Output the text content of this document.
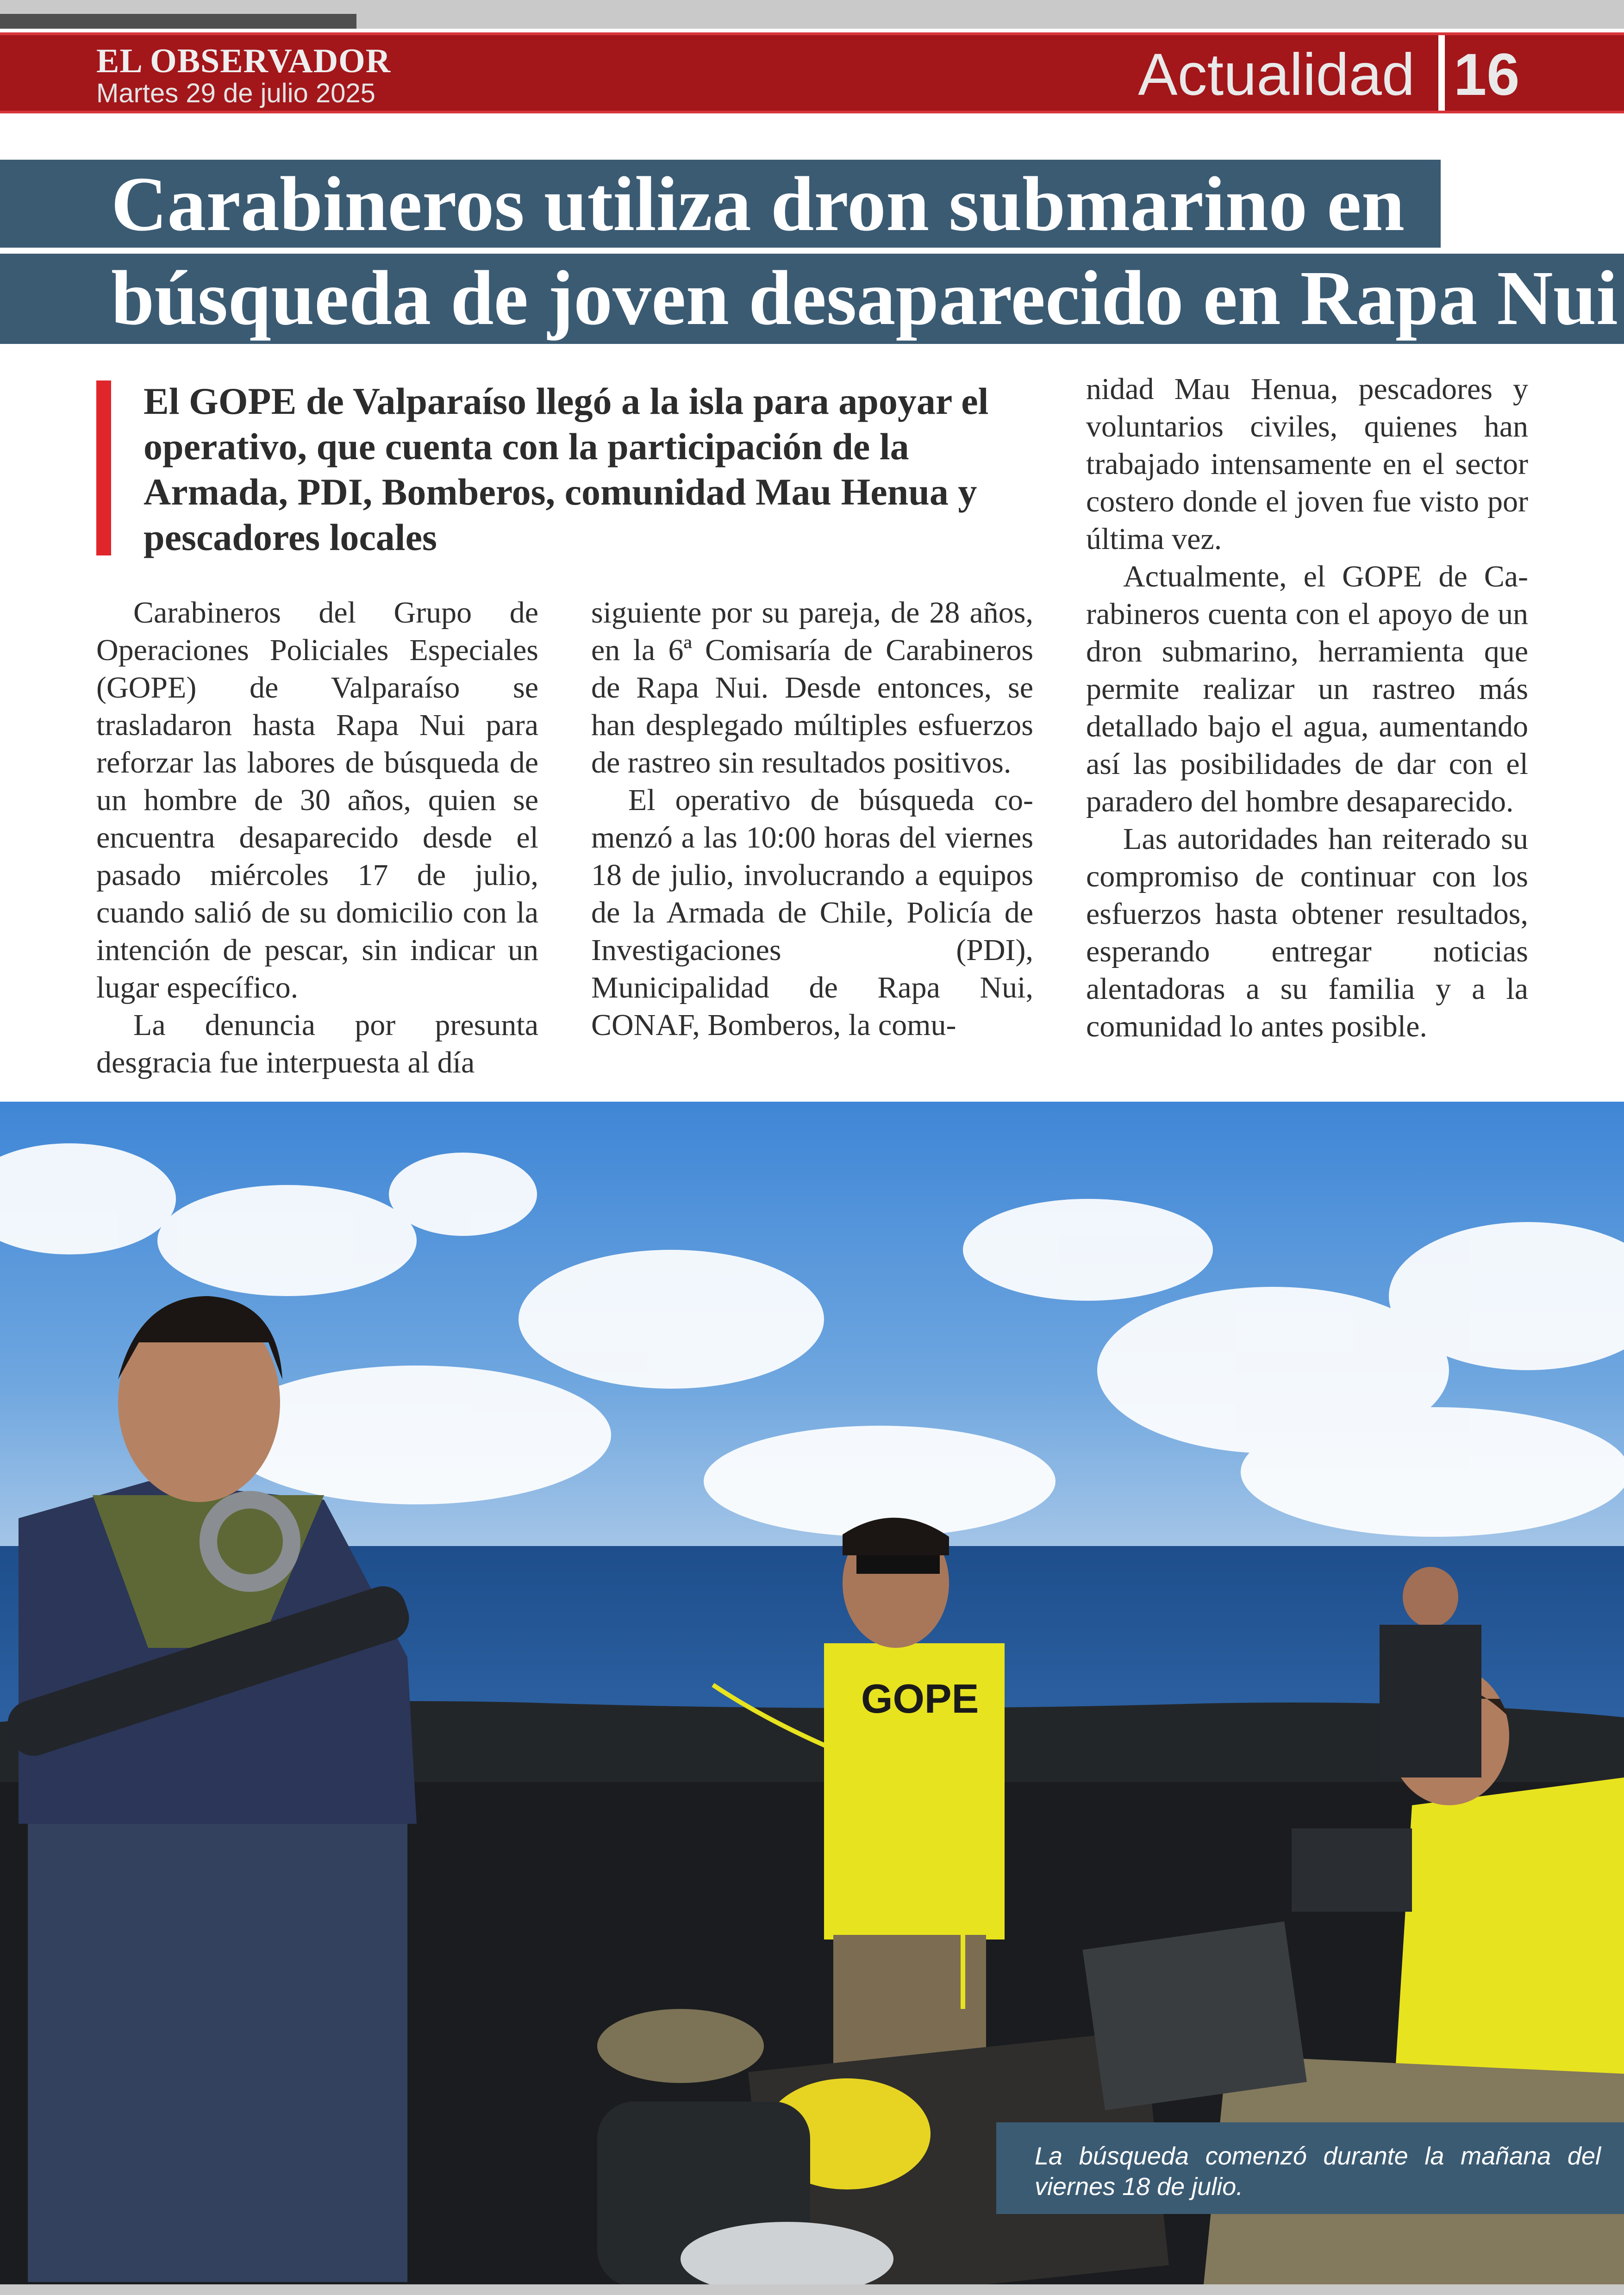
EL OBSERVADOR
Martes 29 de julio 2025	Actualidad 16
Carabineros utiliza dron submarino en
búsqueda de joven desaparecido en Rapa Nui
El GOPE de Valparaíso llegó a la isla para apoyar el operativo, que cuenta con la participación de la Armada, PDI, Bomberos, comunidad Mau Henua y pescadores locales

Carabineros del Grupo de Operaciones Policiales Especiales (GOPE) de Valparaíso se trasladaron hasta Rapa Nui para reforzar las labores de búsqueda de un hombre de 30 años, quien se encuentra desaparecido desde el pasado miércoles 17 de julio, cuando salió de su domicilio con la intención de pescar, sin indicar un lugar específico.

La denuncia por presunta desgracia fue interpuesta al día

siguiente por su pareja, de 28 años, en la 6ª Comisaría de Carabineros de Rapa Nui. Desde entonces, se han desplegado múltiples esfuerzos de rastreo sin resultados positivos.

El operativo de búsqueda comenzó a las 10:00 horas del viernes 18 de julio, involucrando a equipos de la Armada de Chile, Policía de Investigaciones (PDI), Municipalidad de Rapa Nui, CONAF, Bomberos, la comu-

nidad Mau Henua, pescadores y voluntarios civiles, quienes han trabajado intensamente en el sector costero donde el joven fue visto por última vez.

Actualmente, el GOPE de Carabineros cuenta con el apoyo de un dron submarino, herramienta que permite realizar un rastreo más detallado bajo el agua, aumentando así las posibilidades de dar con el paradero del hombre desaparecido.

Las autoridades han reiterado su compromiso de continuar con los esfuerzos hasta obtener resultados, esperando entregar noticias alentadoras a su familia y a la comunidad lo antes posible.

GOPE
La búsqueda comenzó durante la mañana del viernes 18 de julio.
